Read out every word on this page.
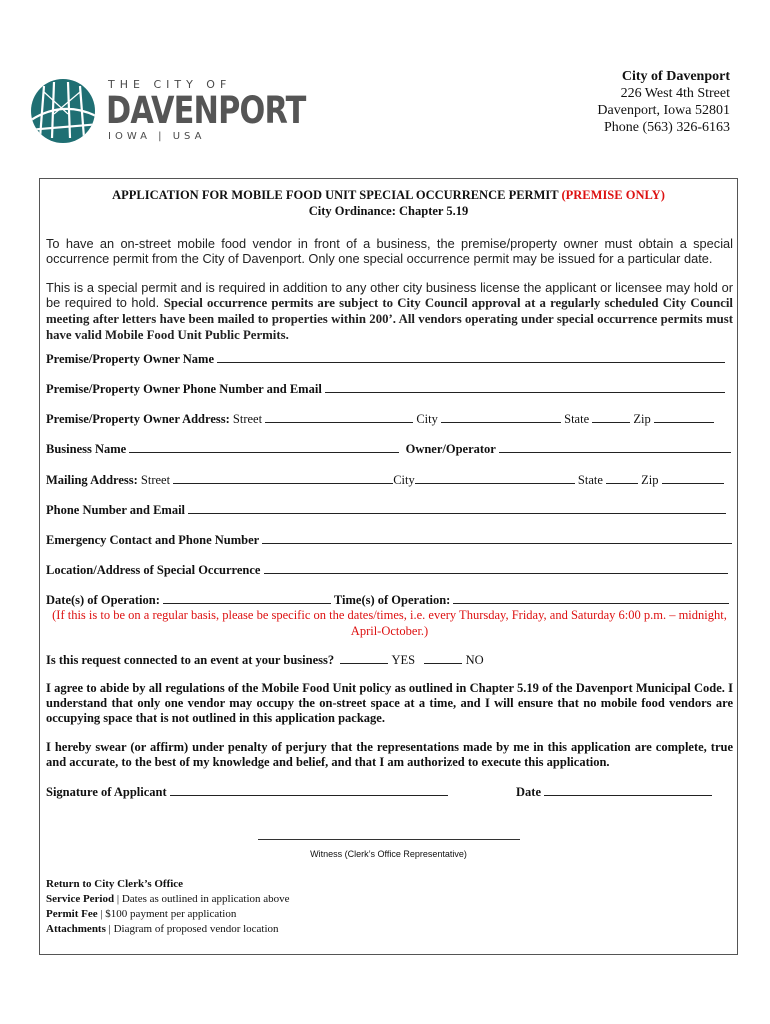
THE CITY OF
DAVENPORT
IOWA | USA
City of Davenport
226 West 4th Street
Davenport, Iowa 52801
Phone (563) 326-6163
APPLICATION FOR MOBILE FOOD UNIT SPECIAL OCCURRENCE PERMIT (PREMISE ONLY)
City Ordinance: Chapter 5.19
To have an on-street mobile food vendor in front of a business, the premise/property owner must obtain a special occurrence permit from the City of Davenport. Only one special occurrence permit may be issued for a particular date.
This is a special permit and is required in addition to any other city business license the applicant or licensee may hold or be required to hold. Special occurrence permits are subject to City Council approval at a regularly scheduled City Council meeting after letters have been mailed to properties within 200’. All vendors operating under special occurrence permits must have valid Mobile Food Unit Public Permits.
Premise/Property Owner Name
Premise/Property Owner Phone Number and Email
Premise/Property Owner Address: Street	City	State	Zip
Business Name	Owner/Operator
Mailing Address: Street	City	State	Zip
Phone Number and Email
Emergency Contact and Phone Number
Location/Address of Special Occurrence
Date(s) of Operation:	Time(s) of Operation:
(If this is to be on a regular basis, please be specific on the dates/times, i.e. every Thursday, Friday, and Saturday 6:00 p.m. – midnight, April-October.)
Is this request connected to an event at your business?	YES	NO
I agree to abide by all regulations of the Mobile Food Unit policy as outlined in Chapter 5.19 of the Davenport Municipal Code. I understand that only one vendor may occupy the on-street space at a time, and I will ensure that no mobile food vendors are occupying space that is not outlined in this application package.
I hereby swear (or affirm) under penalty of perjury that the representations made by me in this application are complete, true and accurate, to the best of my knowledge and belief, and that I am authorized to execute this application.
Signature of Applicant	Date
Witness (Clerk’s Office Representative)
Return to City Clerk’s Office
Service Period | Dates as outlined in application above
Permit Fee | $100 payment per application
Attachments | Diagram of proposed vendor location
